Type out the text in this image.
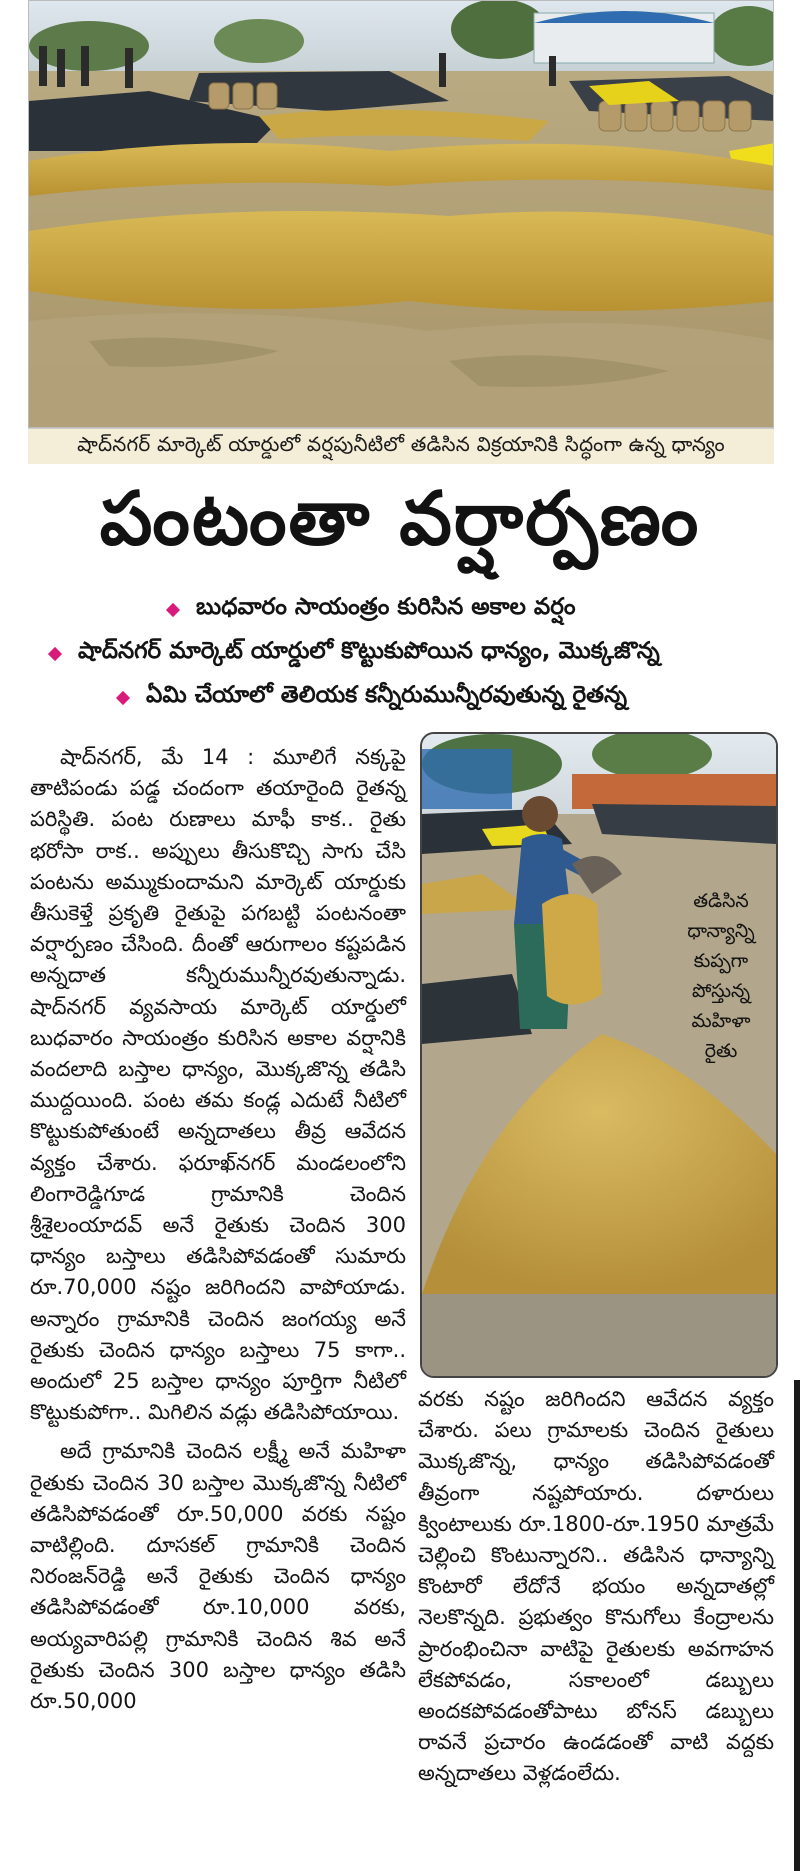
షాద్‌నగర్ మార్కెట్ యార్డులో వర్షపునీటిలో తడిసిన విక్రయానికి సిద్ధంగా ఉన్న ధాన్యం
పంటంతా వర్షార్పణం
బుధవారం సాయంత్రం కురిసిన అకాల వర్షం
షాద్‌నగర్ మార్కెట్ యార్డులో కొట్టుకుపోయిన ధాన్యం, మొక్కజొన్న
ఏమి చేయాలో తెలియక కన్నీరుమున్నీరవుతున్న రైతన్న

షాద్‌నగర్, మే 14 : మూలిగే నక్కపై తాటిపండు పడ్డ చందంగా తయారైంది రైతన్న పరిస్థితి. పంట రుణాలు మాఫీ కాక.. రైతు భరోసా రాక.. అప్పులు తీసుకొచ్చి సాగు చేసి పంటను అమ్ముకుందామని మార్కెట్ యార్డుకు తీసుకెళ్తే ప్రకృతి రైతుపై పగబట్టి పంటనంతా వర్షార్పణం చేసింది. దీంతో ఆరుగాలం కష్టపడిన అన్నదాత కన్నీరుమున్నీరవుతున్నాడు. షాద్‌నగర్ వ్యవసాయ మార్కెట్ యార్డులో బుధవారం సాయంత్రం కురిసిన అకాల వర్షానికి వందలాది బస్తాల ధాన్యం, మొక్కజొన్న తడిసి ముద్దయింది. పంట తమ కండ్ల ఎదుటే నీటిలో కొట్టుకుపోతుంటే అన్నదాతలు తీవ్ర ఆవేదన వ్యక్తం చేశారు. ఫరూఖ్‌నగర్ మండలంలోని లింగారెడ్డిగూడ గ్రామానికి చెందిన శ్రీశైలంయాదవ్ అనే రైతుకు చెందిన 300 ధాన్యం బస్తాలు తడిసిపోవడంతో సుమారు రూ.70,000 నష్టం జరిగిందని వాపోయాడు. అన్నారం గ్రామానికి చెందిన జంగయ్య అనే రైతుకు చెందిన ధాన్యం బస్తాలు 75 కాగా.. అందులో 25 బస్తాల ధాన్యం పూర్తిగా నీటిలో కొట్టుకుపోగా.. మిగిలిన వడ్లు తడిసిపోయాయి.

అదే గ్రామానికి చెందిన లక్ష్మీ అనే మహిళా రైతుకు చెందిన 30 బస్తాల మొక్కజొన్న నీటిలో తడిసిపోవడంతో రూ.50,000 వరకు నష్టం వాటిల్లింది. దూసకల్ గ్రామానికి చెందిన నిరంజన్‌రెడ్డి అనే రైతుకు చెందిన ధాన్యం తడిసిపోవడంతో రూ.10,000 వరకు, అయ్యవారిపల్లి గ్రామానికి చెందిన శివ అనే రైతుకు చెందిన 300 బస్తాల ధాన్యం తడిసి రూ.50,000

తడిసిన
ధాన్యాన్ని
కుప్పగా
పోస్తున్న
మహిళా
రైతు

వరకు నష్టం జరిగిందని ఆవేదన వ్యక్తం చేశారు. పలు గ్రామాలకు చెందిన రైతులు మొక్కజొన్న, ధాన్యం తడిసిపోవడంతో తీవ్రంగా నష్టపోయారు. దళారులు క్వింటాలుకు రూ.1800-రూ.1950 మాత్రమే చెల్లించి కొంటున్నారని.. తడిసిన ధాన్యాన్ని కొంటారో లేదోనే భయం అన్నదాతల్లో నెలకొన్నది. ప్రభుత్వం కొనుగోలు కేంద్రాలను ప్రారంభించినా వాటిపై రైతులకు అవగాహన లేకపోవడం, సకాలంలో డబ్బులు అందకపోవడంతోపాటు బోనస్ డబ్బులు రావనే ప్రచారం ఉండడంతో వాటి వద్దకు అన్నదాతలు వెళ్లడంలేదు.
